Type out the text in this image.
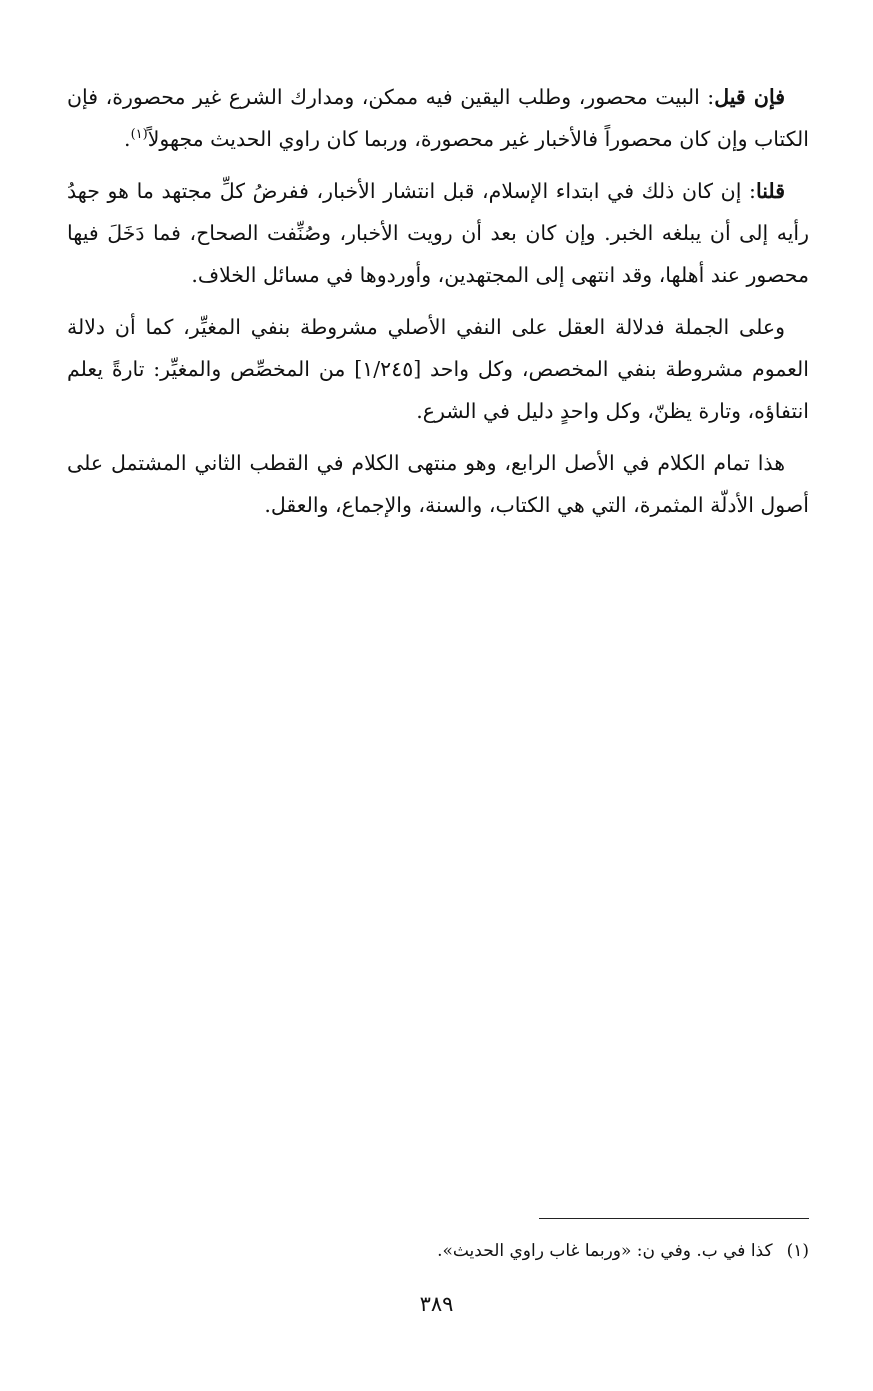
فإن قيل: البيت محصور، وطلب اليقين فيه ممكن، ومدارك الشرع غير محصورة، فإن الكتاب وإن كان محصوراً فالأخبار غير محصورة، وربما كان راوي الحديث مجهولاً$^{(١)}$.

قلنا: إن كان ذلك في ابتداء الإسلام، قبل انتشار الأخبار، ففرضُ كلِّ مجتهد ما هو جهدُ رأيه إلى أن يبلغه الخبر. وإن كان بعد أن رويت الأخبار، وصُنِّفت الصحاح، فما دَخَلَ فيها محصور عند أهلها، وقد انتهى إلى المجتهدين، وأوردوها في مسائل الخلاف.

وعلى الجملة فدلالة العقل على النفي الأصلي مشروطة بنفي المغيِّر، كما أن دلالة العموم مشروطة بنفي المخصص، وكل واحد [١/٢٤٥] من المخصِّص والمغيِّر: تارةً يعلم انتفاؤه، وتارة يظنّ، وكل واحدٍ دليل في الشرع.

هذا تمام الكلام في الأصل الرابع، وهو منتهى الكلام في القطب الثاني المشتمل على أصول الأدلّة المثمرة، التي هي الكتاب، والسنة، والإجماع، والعقل.

(١)كذا في ب. وفي ن: «وربما غاب راوي الحديث».

٣٨٩
